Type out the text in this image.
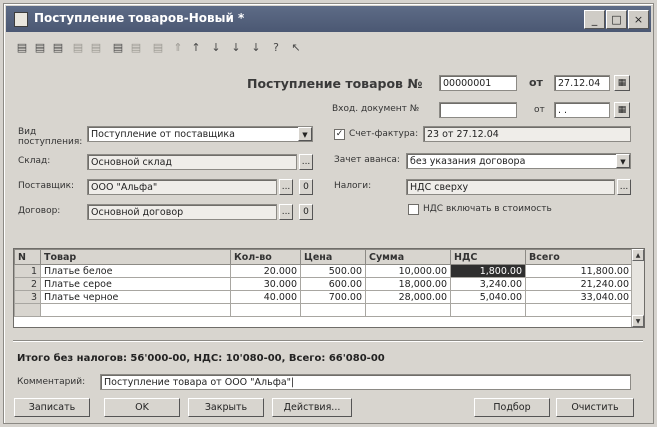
Поступление товаров-Новый *	_	□	×
▤ ▤ ▤ ▤ ▤ ▤ ▤ ▤ ⇑ ↑ ↓ ↓ ↓	?	↖
Поступление товаров №	00000001	от	27.12.04	▦
Вход. документ №	от	. .	▦
Вид
поступления:
Поступление от поставщика	▼
Склад:	Основной склад	...
Поставщик:	ООО "Альфа"	...	0
Договор:	Основной договор	...	0
✓ Счет-фактура: 23 от 27.12.04
Зачет аванса:	без указания договора	▼
Налоги:	НДС сверху	...
НДС включать в стоимость
N	Товар	Кол-во	Цена	Сумма	НДС	Всего
1	Платье белое	20.000	500.00	10,000.00	1,800.00	11,800.00
2	Платье серое	30.000	600.00	18,000.00	3,240.00	21,240.00
3	Платье черное	40.000	700.00	28,000.00	5,040.00	33,040.00

▲
▼
Итого без налогов: 56'000-00, НДС: 10'080-00, Всего: 66'080-00
Комментарий:	Поступление товара от ООО "Альфа"|
Записать	OK	Закрыть	Действия...	Подбор	Очистить
